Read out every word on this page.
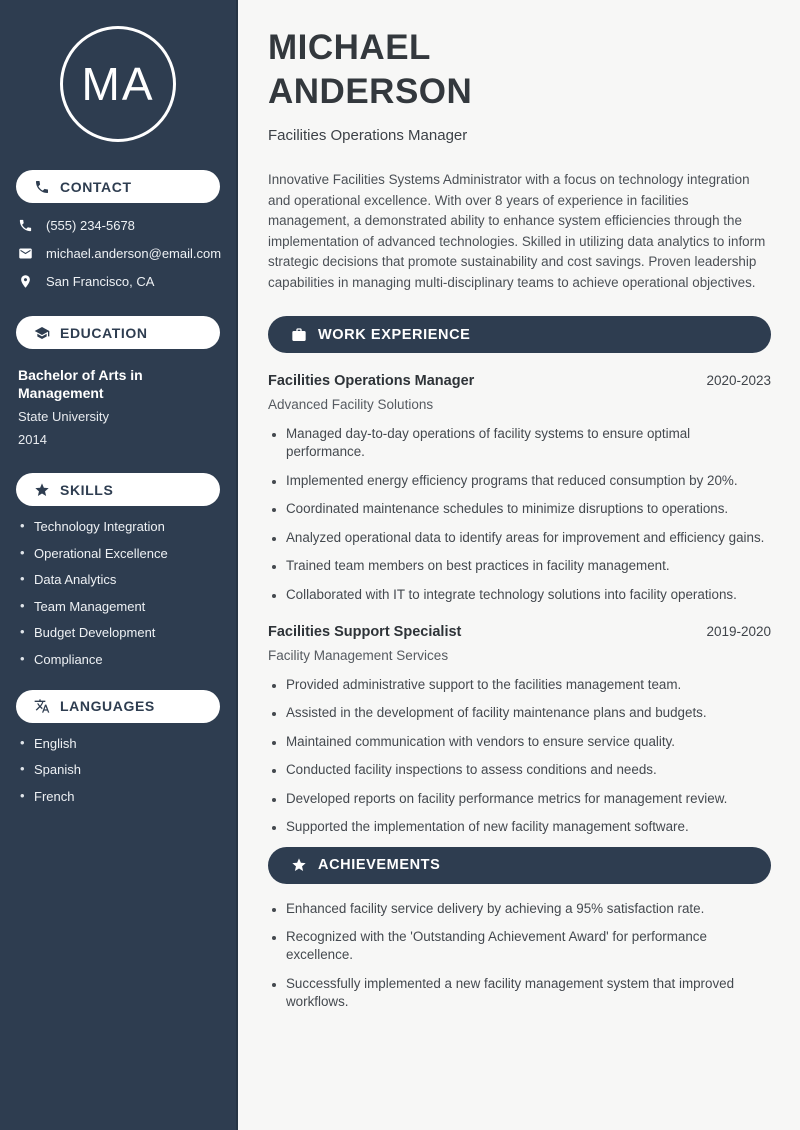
MA
CONTACT
(555) 234-5678
michael.anderson@email.com
San Francisco, CA
EDUCATION
Bachelor of Arts in Management
State University
2014
SKILLS
• Technology Integration
• Operational Excellence
• Data Analytics
• Team Management
• Budget Development
• Compliance
LANGUAGES
• English
• Spanish
• French
MICHAEL
ANDERSON
Facilities Operations Manager

Innovative Facilities Systems Administrator with a focus on technology integration and operational excellence. With over 8 years of experience in facilities management, a demonstrated ability to enhance system efficiencies through the implementation of advanced technologies. Skilled in utilizing data analytics to inform strategic decisions that promote sustainability and cost savings. Proven leadership capabilities in managing multi-disciplinary teams to achieve operational objectives.

WORK EXPERIENCE
Facilities Operations Manager	2020-2023
Advanced Facility Solutions
• Managed day-to-day operations of facility systems to ensure optimal performance.
• Implemented energy efficiency programs that reduced consumption by 20%.
• Coordinated maintenance schedules to minimize disruptions to operations.
• Analyzed operational data to identify areas for improvement and efficiency gains.
• Trained team members on best practices in facility management.
• Collaborated with IT to integrate technology solutions into facility operations.
Facilities Support Specialist	2019-2020
Facility Management Services
• Provided administrative support to the facilities management team.
• Assisted in the development of facility maintenance plans and budgets.
• Maintained communication with vendors to ensure service quality.
• Conducted facility inspections to assess conditions and needs.
• Developed reports on facility performance metrics for management review.
• Supported the implementation of new facility management software.
ACHIEVEMENTS
• Enhanced facility service delivery by achieving a 95% satisfaction rate.
• Recognized with the 'Outstanding Achievement Award' for performance excellence.
• Successfully implemented a new facility management system that improved workflows.
